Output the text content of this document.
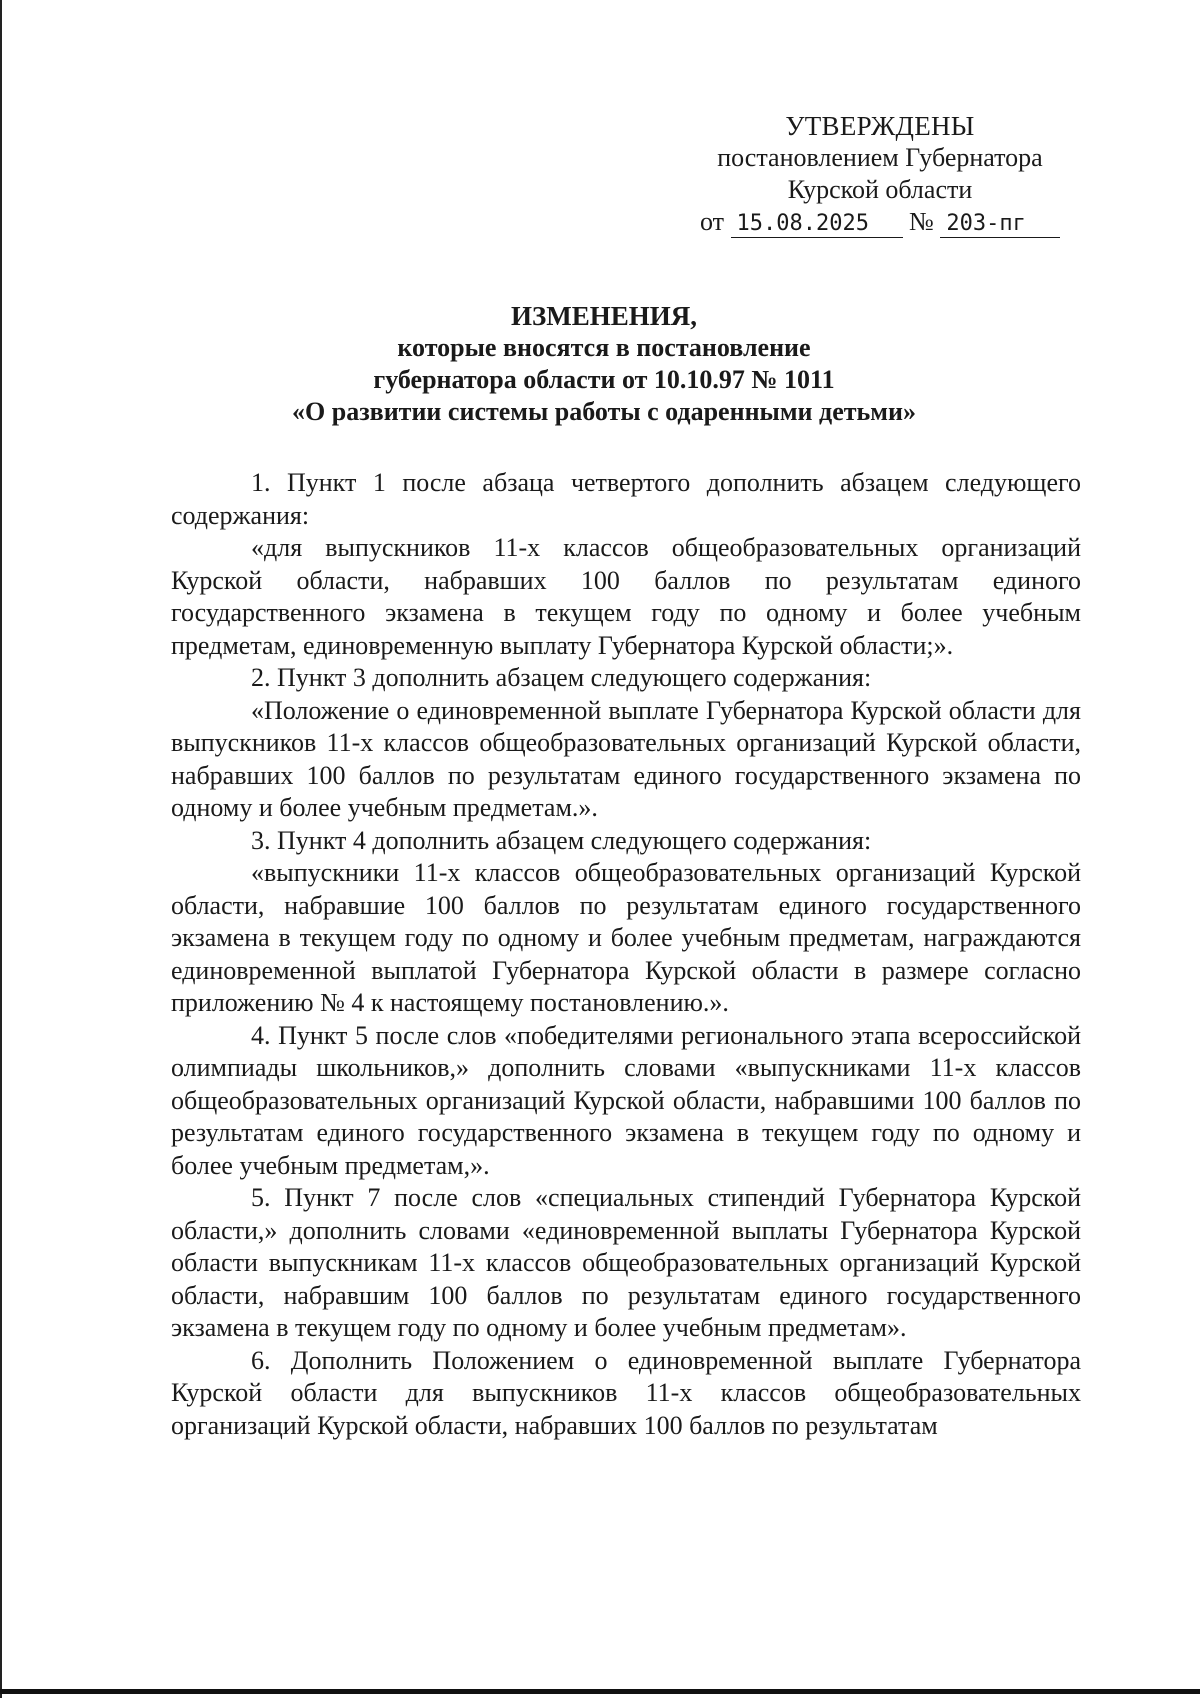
УТВЕРЖДЕНЫ
постановлением Губернатора
Курской области
от 15.08.2025 № 203-пг
ИЗМЕНЕНИЯ,
которые вносятся в постановление
губернатора области от 10.10.97 № 1011
«О развитии системы работы с одаренными детьми»

1. Пункт 1 после абзаца четвертого дополнить абзацем следующего содержания:

«для выпускников 11-х классов общеобразовательных организаций Курской области, набравших 100 баллов по результатам единого государственного экзамена в текущем году по одному и более учебным предметам, единовременную выплату Губернатора Курской области;».

2. Пункт 3 дополнить абзацем следующего содержания:

«Положение о единовременной выплате Губернатора Курской области для выпускников 11-х классов общеобразовательных организаций Курской области, набравших 100 баллов по результатам единого государственного экзамена по одному и более учебным предметам.».

3. Пункт 4 дополнить абзацем следующего содержания:

«выпускники 11-х классов общеобразовательных организаций Курской области, набравшие 100 баллов по результатам единого государственного экзамена в текущем году по одному и более учебным предметам, награждаются единовременной выплатой Губернатора Курской области в размере согласно приложению № 4 к настоящему постановлению.».

4. Пункт 5 после слов «победителями регионального этапа всероссийской олимпиады школьников,» дополнить словами «выпускниками 11-х классов общеобразовательных организаций Курской области, набравшими 100 баллов по результатам единого государственного экзамена в текущем году по одному и более учебным предметам,».

5. Пункт 7 после слов «специальных стипендий Губернатора Курской области,» дополнить словами «единовременной выплаты Губернатора Курской области выпускникам 11-х классов общеобразовательных организаций Курской области, набравшим 100 баллов по результатам единого государственного экзамена в текущем году по одному и более учебным предметам».

6. Дополнить Положением о единовременной выплате Губернатора Курской области для выпускников 11-х классов общеобразовательных организаций Курской области, набравших 100 баллов по результатам
